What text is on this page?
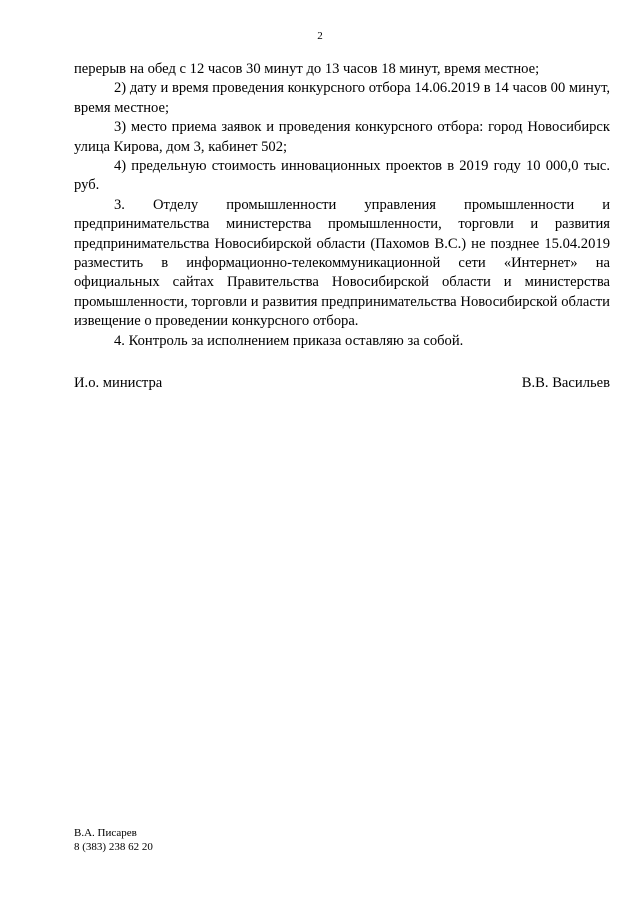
2

перерыв на обед с 12 часов 30 минут до 13 часов 18 минут, время местное;

2) дату и время проведения конкурсного отбора 14.06.2019 в 14 часов 00 минут, время местное;

3) место приема заявок и проведения конкурсного отбора: город Новосибирск улица Кирова, дом 3, кабинет 502;

4) предельную стоимость инновационных проектов в 2019 году 10 000,0 тыс. руб.

3. Отделу промышленности управления промышленности и предпринимательства министерства промышленности, торговли и развития предпринимательства Новосибирской области (Пахомов В.С.) не позднее 15.04.2019 разместить в информационно-телекоммуникационной сети «Интернет» на официальных сайтах Правительства Новосибирской области и министерства промышленности, торговли и развития предпринимательства Новосибирской области извещение о проведении конкурсного отбора.

4. Контроль за исполнением приказа оставляю за собой.

И.о. министра	В.В. Васильев
В.А. Писарев
8 (383) 238 62 20
